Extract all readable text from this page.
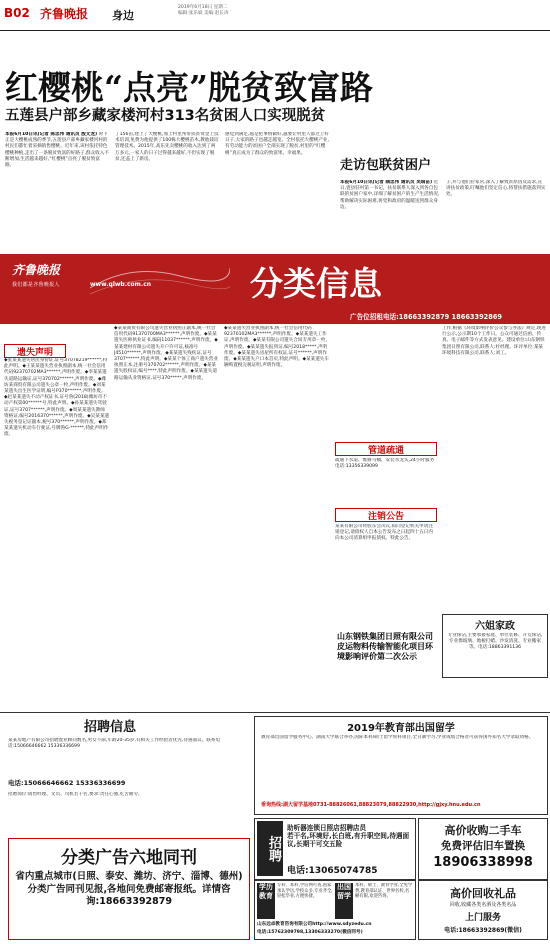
B02 齐鲁晚报 身边
2019年6月18日 星期二
编辑:张乐斌 美编:赵长涛
红樱桃“点亮”脱贫致富路
五莲县户部乡藏家楼河村313名贫困人口实现脱贫
本报6月10日讯(记者 陈忠伟 通讯员 殷文龙) 时下正是大樱桃成熟的季节,五莲县户部乡藏家楼河村的村民们都忙着采摘销售樱桃。近年来,该村依托特色樱桃种植,走出了一条脱贫致富的好路子,群众收入不断增加,生活越来越好,“红樱桃”点亮了脱贫致富路。
了156亩,建上了大樱桃,加上村里帮带扶贫资金上技术培训,免费为他提供了100株大樱桃苗木,教他栽培管理技术。2015年,高东先卖樱桃的收入达到了两万多元,一家人的日子过得越来越好,不但实现了脱贫,还盖上了新房。
感觉到满足,越是把事情做好,越要让村里人都过上好日子,大家的路子也越走越宽。全村依托大樱桃产业,有劳动能力的贫困户全部实现了脱贫,村里的“红樱桃”真正成为了群众的致富果、幸福果。
走访包联贫困户
本报6月10日讯(记者 隋忠伟 通讯员 吴瑞苗) 近日,瓷县驻村第一书记、扶贫联系人深入到各自包联的贫困户家中,详细了解贫困户的生产生活情况,帮助解决实际困难,将党和政府的温暖送到群众身边。
子,并与他们拉家常,深入了解致贫原因及需求,宣讲扶贫政策,叮嘱他们坚定信心,将帮扶措施落到实处。
齐鲁晚报
我们都是齐鲁晚报人	www.qlwb.com.cn	分类信息
广告位招租电话:18663392879 18663392869
遗失声明
◆张某某遗失居民身份证,证号37078219******,特此声明。◆王某某遗失营业执照副本,统一社会信用代码92370702MA3******,声明作废。◆李某某遗失道路运输证,证号370702******,声明作废。◆潍坊某商贸有限公司遗失公章一枚,声明作废。◆刘某某遗失出生医学证明,编号P370******,声明作废。◆赵某某遗失不动产权证书,证号鲁(2018)潍坊市不动产权第00******号,特此声明。◆孙某某遗失驾驶证,证号3707******,声明作废。◆周某某遗失教师资格证,编号2016370******,声明作废。◆吴某某遗失税务登记证副本,税号370******,声明作废。◆郑某某遗失机动车行驶证,号牌鲁G·******,特此声明作废。
◆某某商贸有限公司遗失营业执照正副本,统一社会信用代码91370700MA3******,声明作废。◆某某遗失医师执业证书,编码11037******,声明作废。◆某某建材有限公司遗失开户许可证,核准号J4510******,声明作废。◆某某遗失残疾证,证号3707******,特此声明。◆某某个体工商户遗失营业执照正本,注册号370702******,声明作废。◆某某遗失股权证,编号****,特此声明作废。◆某某遗失道路运输从业资格证,证号370*****,声明作废。
◆某某遗失营业执照副本,统一社会信用代码92370102MA3******,声明作废。◆某某遗失工作证,声明作废。◆某某有限公司遗失合同专用章一枚,声明作废。◆某某遗失报到证,编号2018*****,声明作废。◆某某遗失房屋所有权证,证号******,声明作废。◆某某遗失户口本首页,特此声明。◆某某遗失车辆购置税完税证明,声明作废。
管道疏通
疏通下水道、维修马桶、安装水龙头,24小时服务电话:13356339099
注销公告
某某有限公司经股东会决议,拟向登记机关申请注销登记,请债权人自本公告发布之日起四十五日内向本公司清算组申报债权。特此公告。
山东钢铁集团日照有限公司皮运物料传输智能化项目环境影响评价第二次公示
工作,根据《环境影响评价公众参与办法》规定,现进行公示,公示期10个工作日。公众可通过信函、传真、电子邮件等方式发表意见。建设单位:山东钢铁集团日照有限公司,联系人:杜经理。环评单位:某某环境科技有限公司,联系人:刘工。
六姐家政
专业保洁,主要承接家庭、单位装修、开荒保洁,专业擦玻璃、地板打蜡、沙发清洗、专业搬家等。电话:18863391136
招聘信息
某某房地产有限公司招聘置业顾问数名,男女不限,年龄20-35岁,有相关工作经验者优先,待遇面议。联系电话:15066646662 15336336699
电话:15066646662 15336336699
招聘岗位:销售经理、文员、司机若干名,要求:责任心强,吃苦耐劳。
2019年教育部出国留学
教育部出国留学服务中心、湖南大学联合举办,国际本科/硕士留学预科项目,全日制学习,学业成绩合格者可获得国外知名大学录取资格。
垂询热线:湖大留学基地0731-88826061,88823079,88822930,http://gjxy.hnu.edu.cn
分类广告六地同刊
省内重点城市(日照、泰安、潍坊、济宁、淄博、德州)分类广告同刊见报,各地问免费邮寄报纸。详情咨询:18663392879
招聘
助听器连锁日照店招聘店员
若干名,环境好,长白班,有升职空间,待遇面议,长期干可交五险
电话:13065074785
高价收购二手车
免费评估旧车置换
18906338998
学历教育
专科、本科,学信网可查,国家承认学历,学校众多,专业齐全,轻松毕业,方便快捷。
出国留学
本科、硕士、教育学业,全免学费,教育部认证、世界名校,名额有限,欢迎咨询。
山东远卓教育咨询有限公司http://www.sdyzedu.cn
电话:15762309798,13306333270(微信同号)
高价回收礼品
回收,收藏各类名酒及各类名品
上门服务
电话:18663392869(微信)
